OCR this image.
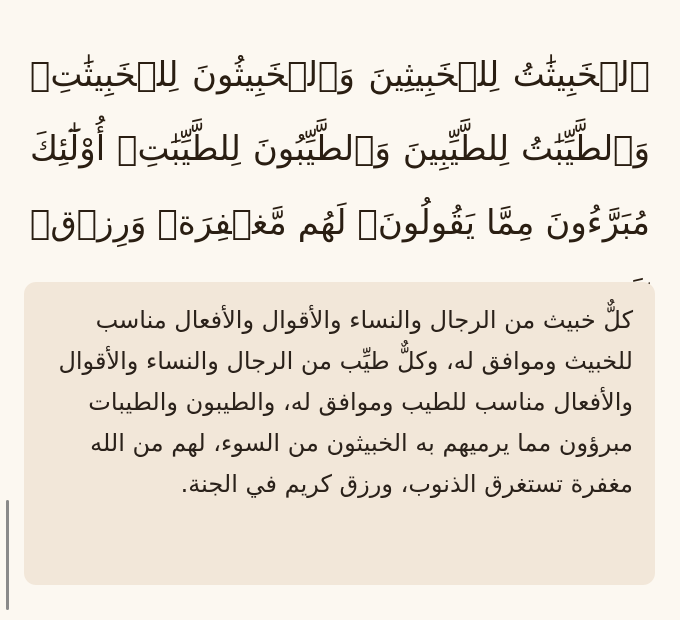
ٱلۡخَبِيثَٰتُ لِلۡخَبِيثِينَ وَٱلۡخَبِيثُونَ لِلۡخَبِيثَٰتِۖ وَٱلطَّيِّبَٰتُ لِلطَّيِّبِينَ وَٱلطَّيِّبُونَ لِلطَّيِّبَٰتِۚ أُوْلَٰٓئِكَ مُبَرَّءُونَ مِمَّا يَقُولُونَۖ لَهُم مَّغۡفِرَةٞ وَرِزۡقٞ

كلٌّ خبيث من الرجال والنساء والأقوال والأفعال مناسب للخبيث وموافق له، وكلٌّ طيِّب من الرجال والنساء والأقوال والأفعال مناسب للطيب وموافق له، والطيبون والطيبات مبرؤون مما يرميهم به الخبيثون من السوء، لهم من الله مغفرة تستغرق الذنوب، ورزق كريم في الجنة.
